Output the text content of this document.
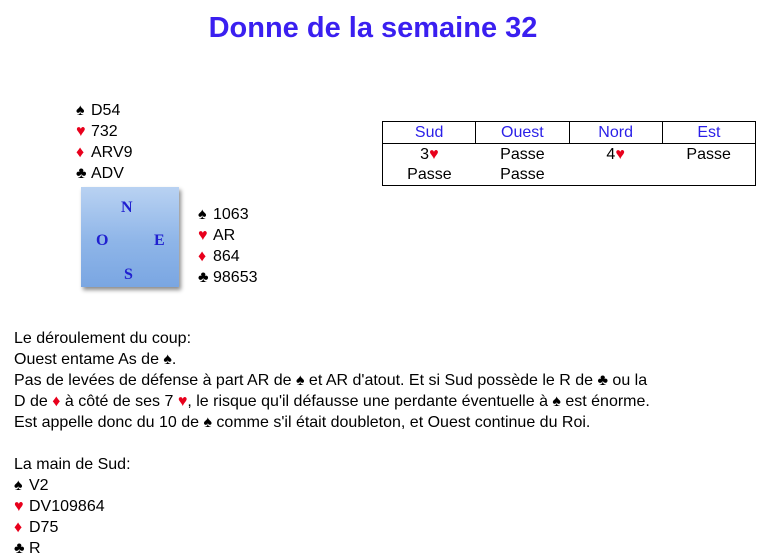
Donne de la semaine 32
♠ D54
♥ 732
♦ ARV9
♣ ADV
N
O	E
S
♠ 1063
♥ AR
♦ 864
♣ 98653
Sud	Ouest	Nord	Est
3♥	Passe	4♥	Passe
Passe	Passe		

Le déroulement du coup:

Ouest entame As de ♠.

Pas de levées de défense à part AR de ♠ et AR d'atout. Et si Sud possède le R de ♣ ou la

D de ♦ à côté de ses 7 ♥, le risque qu'il défausse une perdante éventuelle à ♠ est énorme.

Est appelle donc du 10 de ♠ comme s'il était doubleton, et Ouest continue du Roi.

La main de Sud:

♠ V2

♥ DV109864

♦ D75

♣ R
